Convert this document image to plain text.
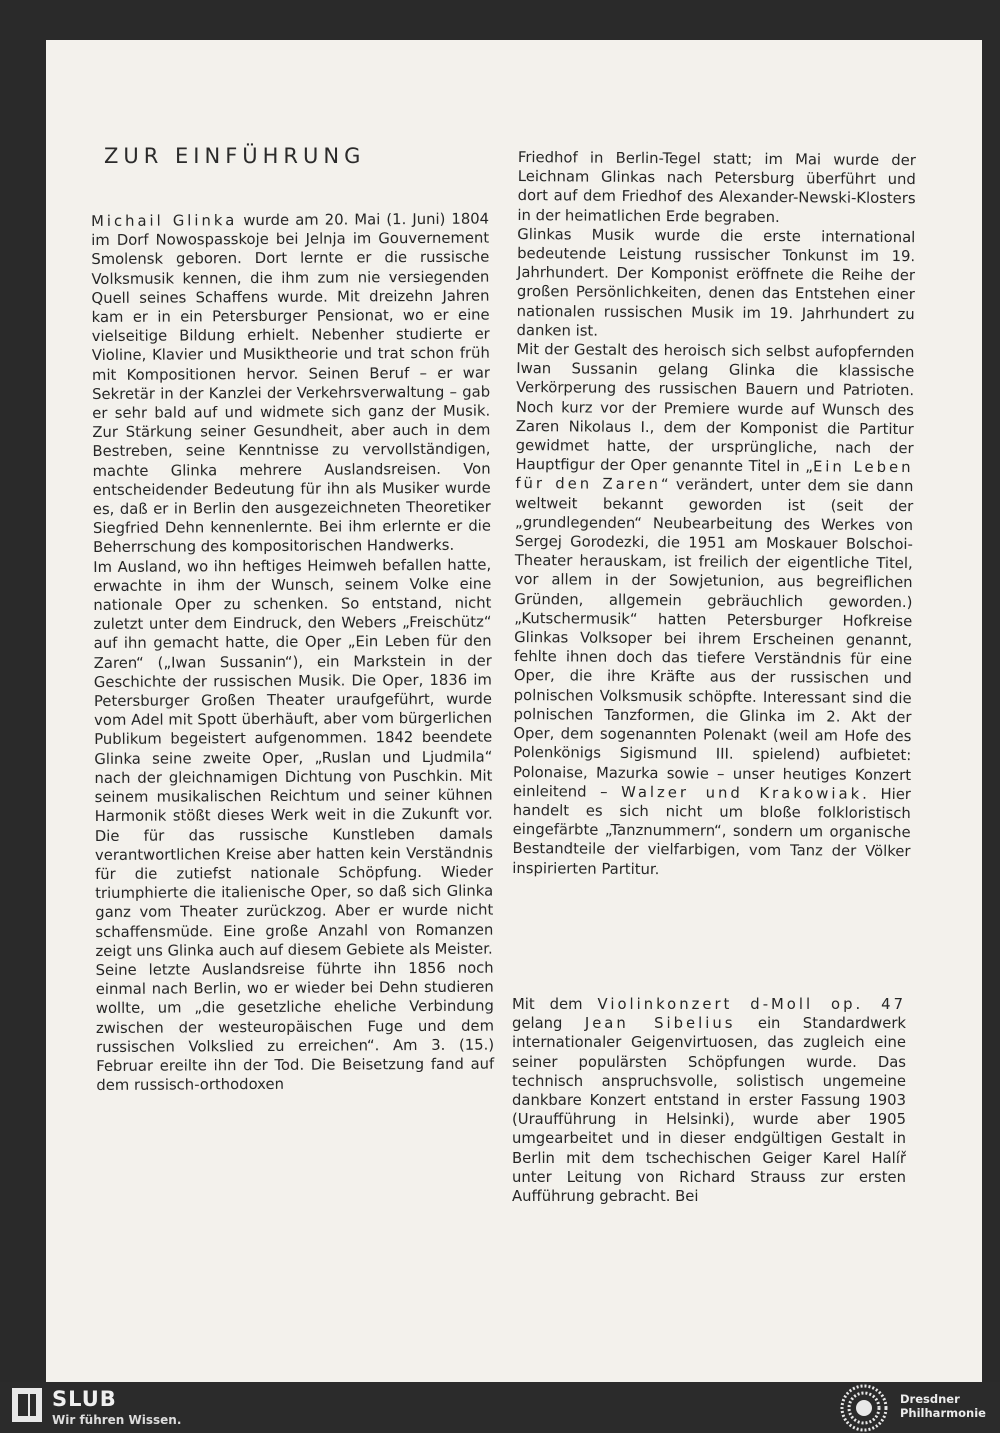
ZUR EINFÜHRUNG

Michail Glinka wurde am 20. Mai (1. Juni) 1804 im Dorf Nowospasskoje bei Jelnja im Gouvernement Smolensk geboren. Dort lernte er die russische Volksmusik kennen, die ihm zum nie versiegenden Quell seines Schaffens wurde. Mit dreizehn Jahren kam er in ein Petersburger Pensionat, wo er eine vielseitige Bildung erhielt. Nebenher studierte er Violine, Klavier und Musiktheorie und trat schon früh mit Kompositionen hervor. Seinen Beruf – er war Sekretär in der Kanzlei der Verkehrsverwaltung – gab er sehr bald auf und widmete sich ganz der Musik. Zur Stärkung seiner Gesundheit, aber auch in dem Bestreben, seine Kenntnisse zu vervollständigen, machte Glinka mehrere Auslandsreisen. Von entscheidender Bedeutung für ihn als Musiker wurde es, daß er in Berlin den ausgezeichneten Theoretiker Siegfried Dehn kennenlernte. Bei ihm erlernte er die Beherrschung des kompositorischen Handwerks.

Im Ausland, wo ihn heftiges Heimweh befallen hatte, erwachte in ihm der Wunsch, seinem Volke eine nationale Oper zu schenken. So entstand, nicht zuletzt unter dem Eindruck, den Webers „Freischütz“ auf ihn gemacht hatte, die Oper „Ein Leben für den Zaren“ („Iwan Sussanin“), ein Markstein in der Geschichte der russischen Musik. Die Oper, 1836 im Petersburger Großen Theater uraufgeführt, wurde vom Adel mit Spott überhäuft, aber vom bürgerlichen Publikum begeistert aufgenommen. 1842 beendete Glinka seine zweite Oper, „Ruslan und Ljudmila“ nach der gleichnamigen Dichtung von Puschkin. Mit seinem musikalischen Reichtum und seiner kühnen Harmonik stößt dieses Werk weit in die Zukunft vor. Die für das russische Kunstleben damals verantwortlichen Kreise aber hatten kein Verständnis für die zutiefst nationale Schöpfung. Wieder triumphierte die italienische Oper, so daß sich Glinka ganz vom Theater zurückzog. Aber er wurde nicht schaffensmüde. Eine große Anzahl von Romanzen zeigt uns Glinka auch auf diesem Gebiete als Meister.

Seine letzte Auslandsreise führte ihn 1856 noch einmal nach Berlin, wo er wieder bei Dehn studieren wollte, um „die gesetzliche eheliche Verbindung zwischen der westeuropäischen Fuge und dem russischen Volkslied zu erreichen“. Am 3. (15.) Februar ereilte ihn der Tod. Die Beisetzung fand auf dem russisch-orthodoxen

Friedhof in Berlin-Tegel statt; im Mai wurde der Leichnam Glinkas nach Petersburg überführt und dort auf dem Friedhof des Alexander-Newski-Klosters in der heimatlichen Erde begraben.

Glinkas Musik wurde die erste international bedeutende Leistung russischer Tonkunst im 19. Jahrhundert. Der Komponist eröffnete die Reihe der großen Persönlichkeiten, denen das Entstehen einer nationalen russischen Musik im 19. Jahrhundert zu danken ist.

Mit der Gestalt des heroisch sich selbst aufopfernden Iwan Sussanin gelang Glinka die klassische Verkörperung des russischen Bauern und Patrioten. Noch kurz vor der Premiere wurde auf Wunsch des Zaren Nikolaus I., dem der Komponist die Partitur gewidmet hatte, der ursprüngliche, nach der Hauptfigur der Oper genannte Titel in „Ein Leben für den Zaren“ verändert, unter dem sie dann weltweit bekannt geworden ist (seit der „grundlegenden“ Neubearbeitung des Werkes von Sergej Gorodezki, die 1951 am Moskauer Bolschoi-Theater herauskam, ist freilich der eigentliche Titel, vor allem in der Sowjetunion, aus begreiflichen Gründen, allgemein gebräuchlich geworden.) „Kutschermusik“ hatten Petersburger Hofkreise Glinkas Volksoper bei ihrem Erscheinen genannt, fehlte ihnen doch das tiefere Verständnis für eine Oper, die ihre Kräfte aus der russischen und polnischen Volksmusik schöpfte. Interessant sind die polnischen Tanzformen, die Glinka im 2. Akt der Oper, dem sogenannten Polenakt (weil am Hofe des Polenkönigs Sigismund III. spielend) aufbietet: Polonaise, Mazurka sowie – unser heutiges Konzert einleitend – Walzer und Krakowiak. Hier handelt es sich nicht um bloße folkloristisch eingefärbte „Tanznummern“, sondern um organische Bestandteile der vielfarbigen, vom Tanz der Völker inspirierten Partitur.

Mit dem Violinkonzert d-Moll op. 47 gelang Jean Sibelius ein Standardwerk internationaler Geigenvirtuosen, das zugleich eine seiner populärsten Schöpfungen wurde. Das technisch anspruchsvolle, solistisch ungemeine dankbare Konzert entstand in erster Fassung 1903 (Uraufführung in Helsinki), wurde aber 1905 umgearbeitet und in dieser endgültigen Gestalt in Berlin mit dem tschechischen Geiger Karel Halíř unter Leitung von Richard Strauss zur ersten Aufführung gebracht. Bei

SLUB
Wir führen Wissen.
Dresdner
Philharmonie
